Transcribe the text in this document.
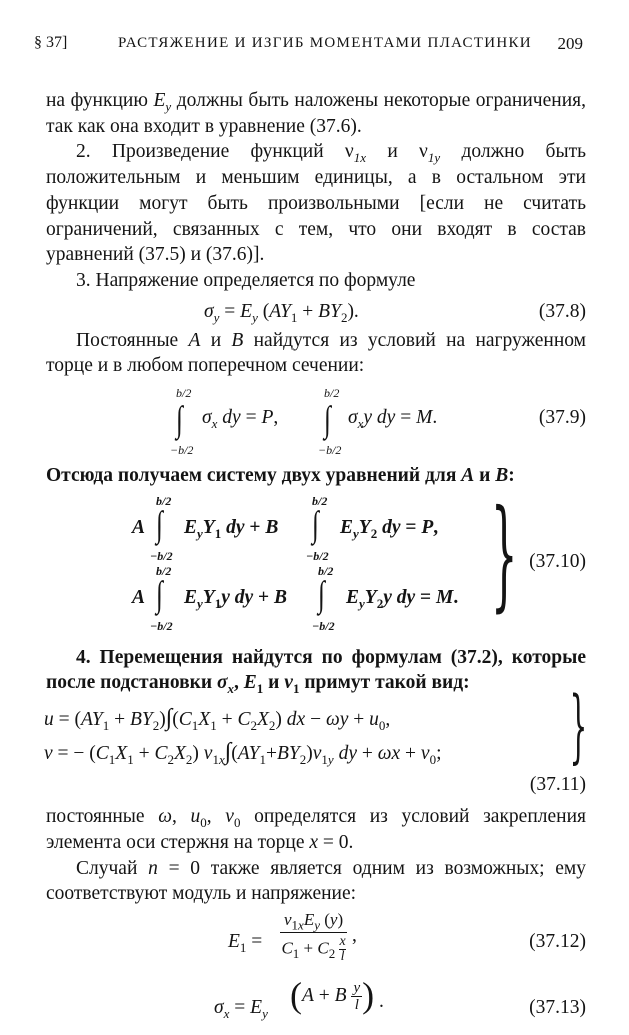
§ 37]	РАСТЯЖЕНИЕ И ИЗГИБ МОМЕНТАМИ ПЛАСТИНКИ 209

на функцию $E_y$ должны быть наложены некоторые ограничения, так как она входит в уравнение (37.6).

2. Произведение функций $\nu_{1x}$ и $\nu_{1y}$ должно быть положительным и меньшим единицы, а в остальном эти функции могут быть произвольными [если не считать ограничений, связанных с тем, что они входят в состав уравнений (37.5) и (37.6)].

3. Напряжение определяется по формуле

$\sigma_y = E_y$ $(AY_1 + BY_2)$.	(37.8)

Постоянные A и B найдутся из условий на нагруженном торце и в любом поперечном сечении:

b/2
∫
−b/2
$\sigma_x$ dy = P,
b/2
∫
−b/2
$\sigma_xy$ dy = M.	(37.9)

Отсюда получаем систему двух уравнений для A и B:

A
b/2
∫
−b/2
$E_yY_1$ dy + B
b/2
∫
−b/2
$E_yY_2$ dy = P,
A
b/2
∫
−b/2
$E_yY_1y$ dy + B
b/2
∫
−b/2
$E_yY_2y$ dy = M. } (37.10)

4. Перемещения найдутся по формулам (37.2), которые после подстановки $\sigma_x$, $E_1$ и $\nu_1$ примут такой вид:

$u = (AY_1 + BY_2)\int(C_1X_1 + C_2X_2)$ dx − $\omega y + u_0$,
v = − $(C_1X_1 + C_2X_2)$ $\nu_{1x}\int(AY_1+BY_2)\nu_{1y}$ dy + $\omega x + v_0$; }
(37.11)

постоянные ω, $u_0$, $v_0$ определятся из условий закрепления элемента оси стержня на торце x = 0.

Случай n = 0 также является одним из возможных; ему соответствуют модуль и напряжение:

$E_1 = \frac{\nu_{1x}E_y (y)}{C_1 + C_2 \frac{x}{l}}$ ,	(37.12)
$\sigma_x = E_y$ (A + B $\frac{y}{l}$ ) .	(37.13)
